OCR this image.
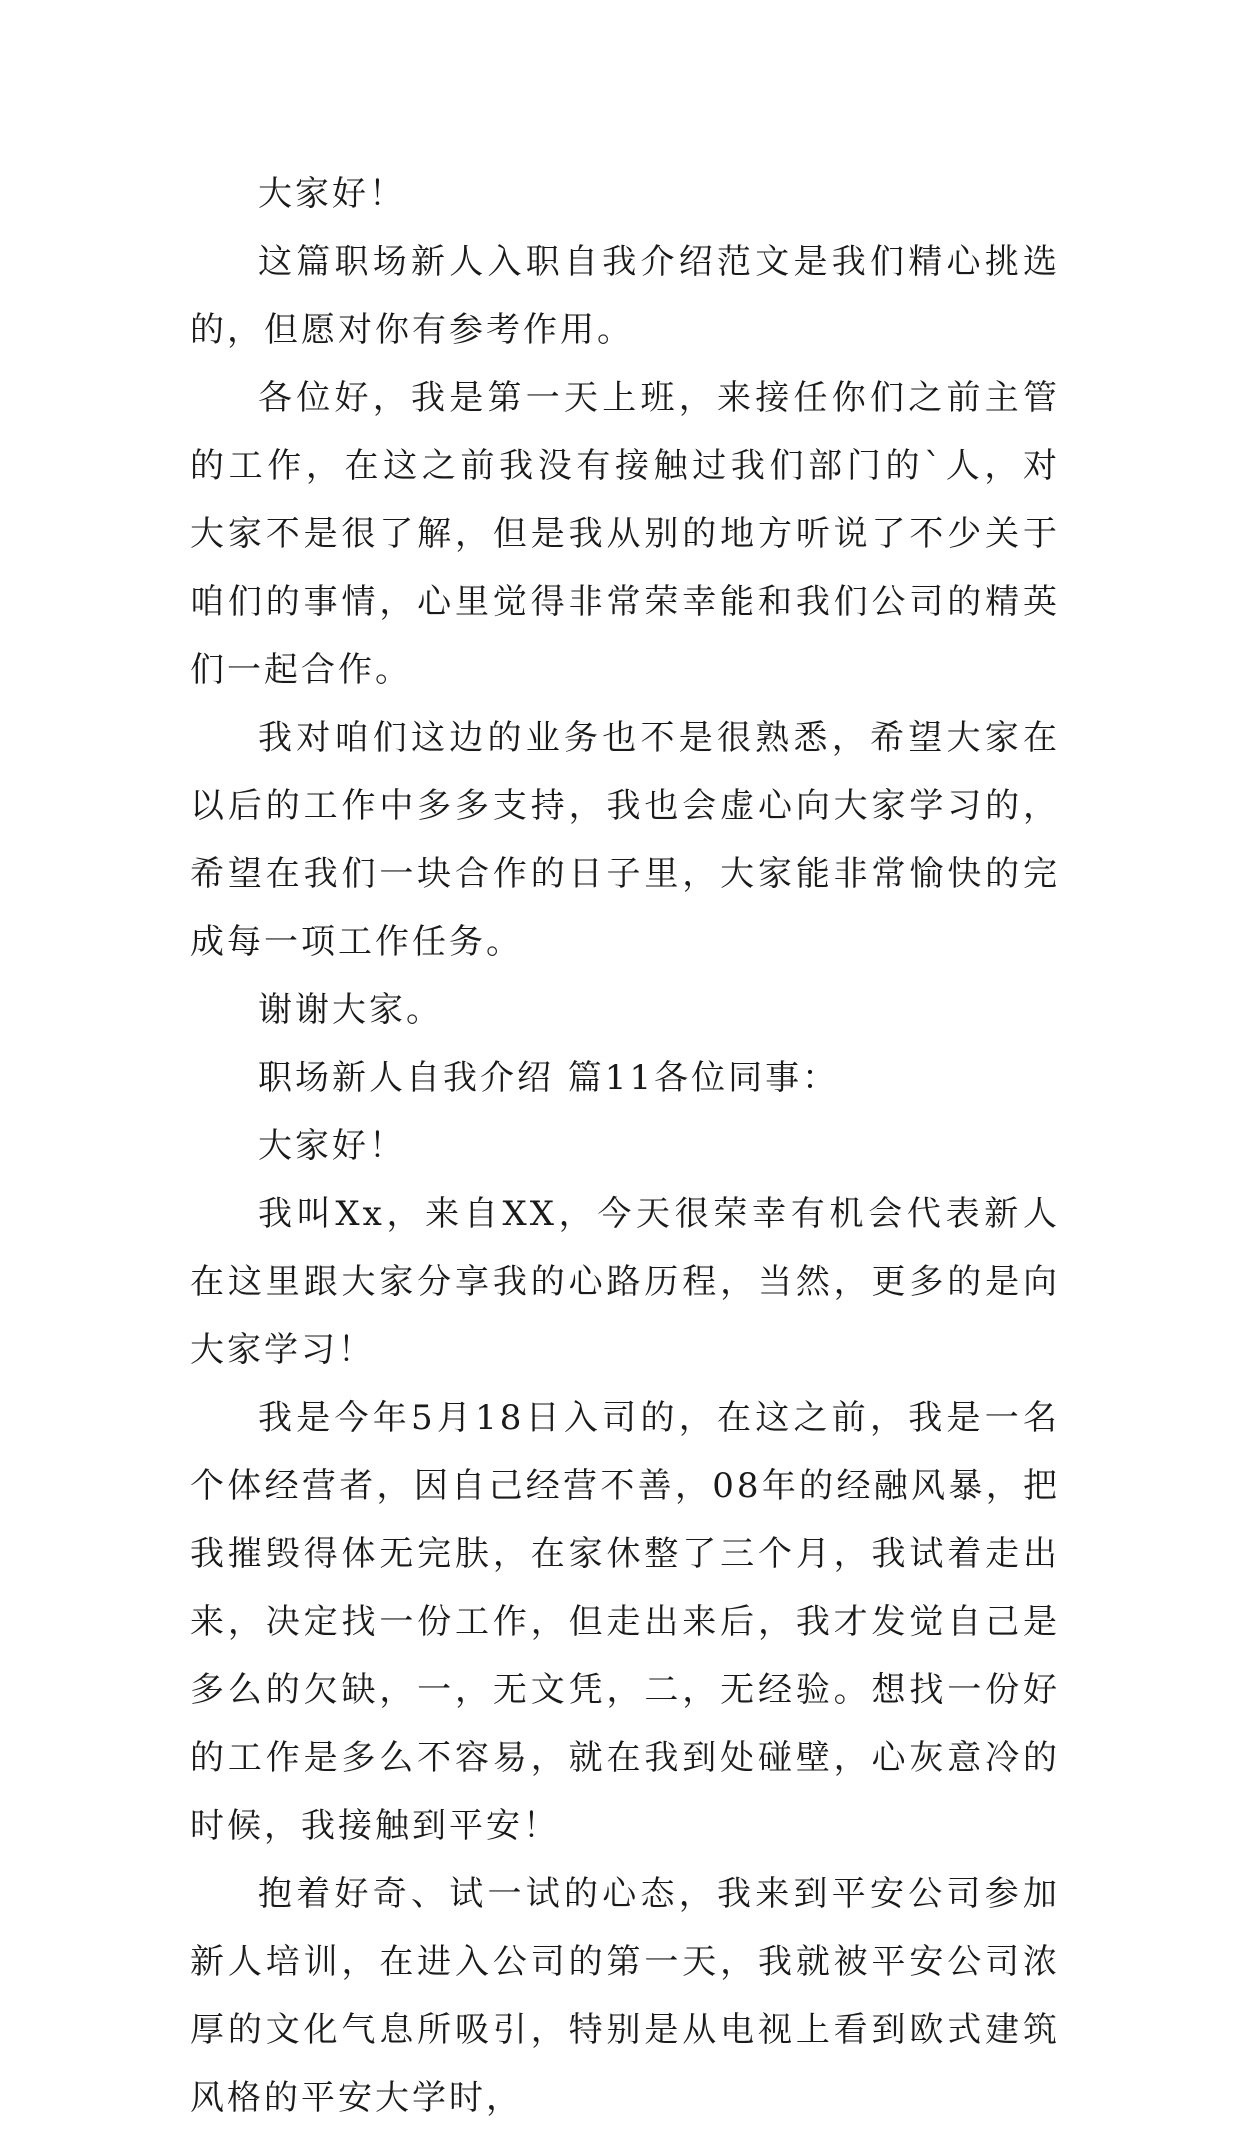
大家好！

这篇职场新人入职自我介绍范文是我们精心挑选的，但愿对你有参考作用。

各位好，我是第一天上班，来接任你们之前主管的工作，在这之前我没有接触过我们部门的`人，对大家不是很了解，但是我从别的地方听说了不少关于咱们的事情，心里觉得非常荣幸能和我们公司的精英们一起合作。

我对咱们这边的业务也不是很熟悉，希望大家在以后的工作中多多支持，我也会虚心向大家学习的，希望在我们一块合作的日子里，大家能非常愉快的完成每一项工作任务。

谢谢大家。

职场新人自我介绍 篇11各位同事：

大家好！

我叫Xx，来自XX，今天很荣幸有机会代表新人在这里跟大家分享我的心路历程，当然，更多的是向大家学习！

我是今年5月18日入司的，在这之前，我是一名个体经营者，因自己经营不善，08年的经融风暴，把我摧毁得体无完肤，在家休整了三个月，我试着走出来，决定找一份工作，但走出来后，我才发觉自己是多么的欠缺，一，无文凭，二，无经验。想找一份好的工作是多么不容易，就在我到处碰壁，心灰意冷的时候，我接触到平安！

抱着好奇、试一试的心态，我来到平安公司参加新人培训，在进入公司的第一天，我就被平安公司浓厚的文化气息所吸引，特别是从电视上看到欧式建筑风格的平安大学时，
